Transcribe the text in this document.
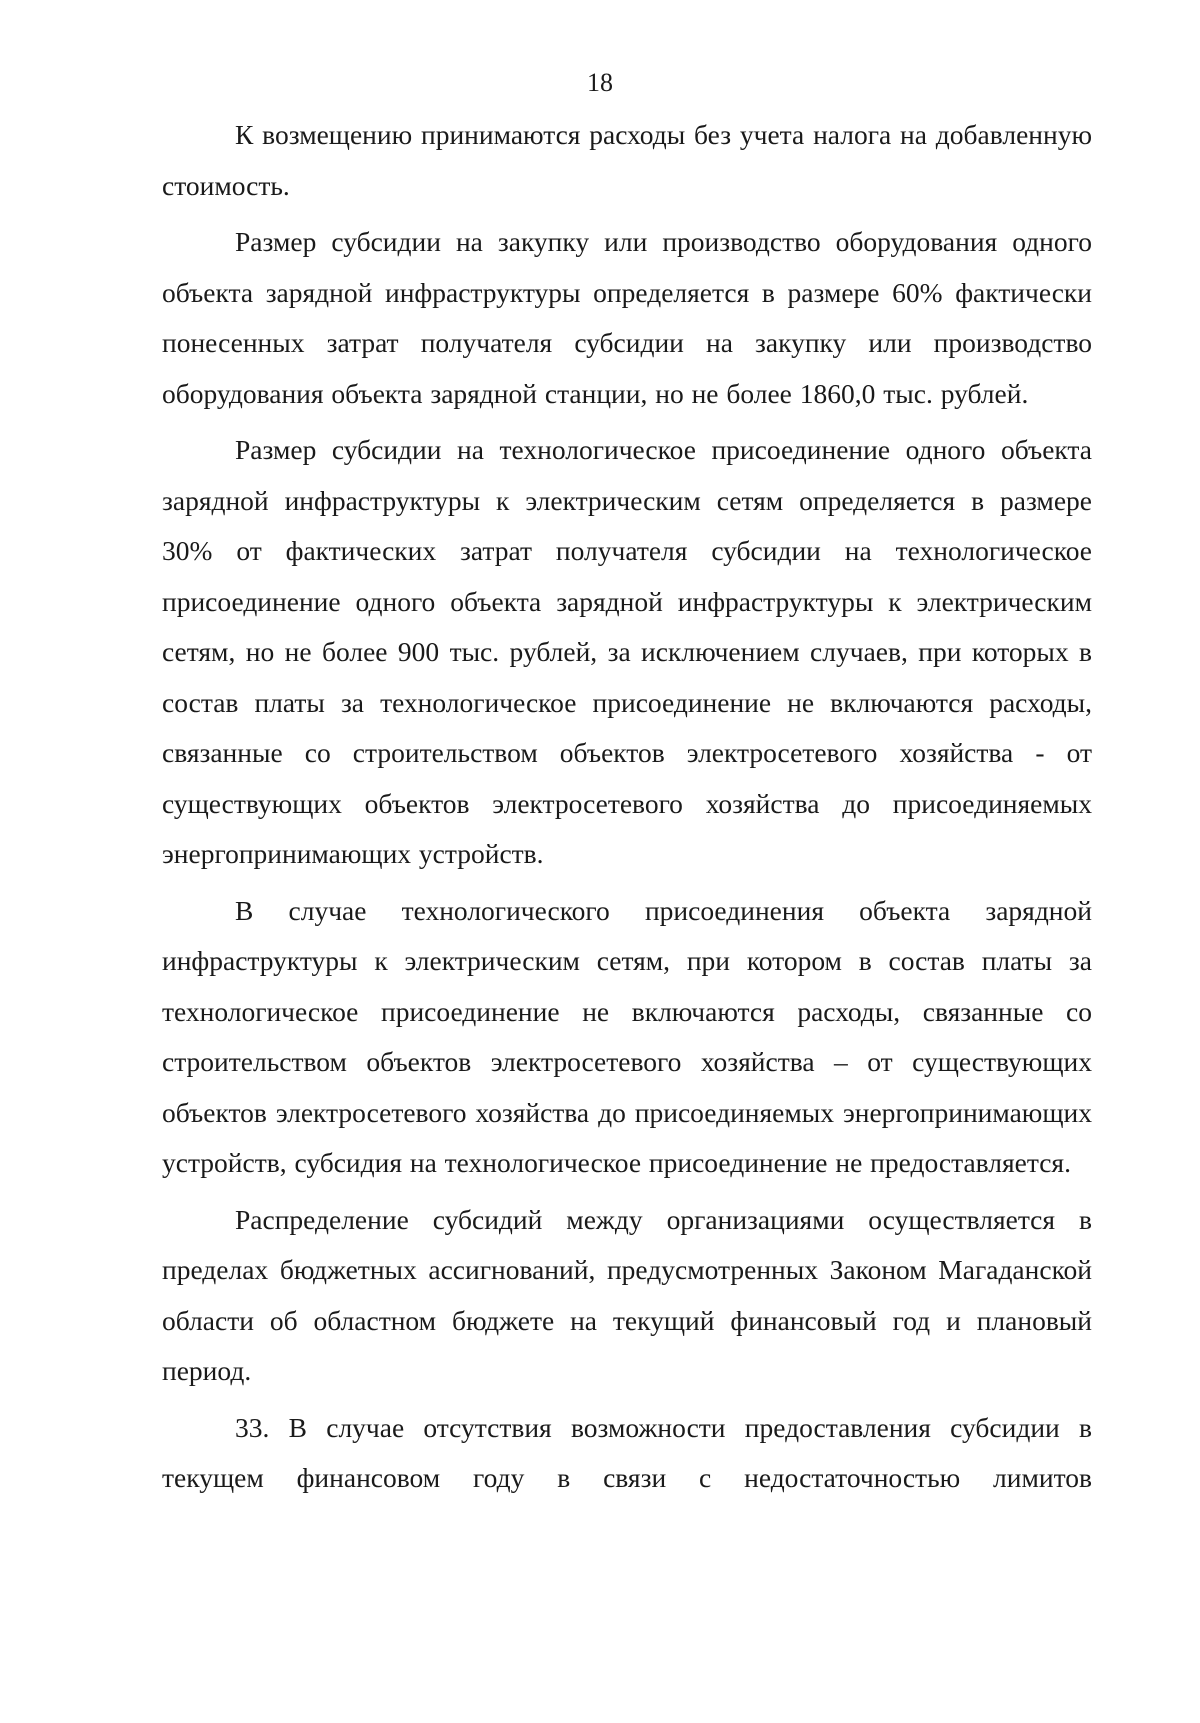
18

К возмещению принимаются расходы без учета налога на добавленную стоимость.

Размер субсидии на закупку или производство оборудования одного объекта зарядной инфраструктуры определяется в размере 60% фактически понесенных затрат получателя субсидии на закупку или производство оборудования объекта зарядной станции, но не более 1860,0 тыс. рублей.

Размер субсидии на технологическое присоединение одного объекта зарядной инфраструктуры к электрическим сетям определяется в размере 30% от фактических затрат получателя субсидии на технологическое присоединение одного объекта зарядной инфраструктуры к электрическим сетям, но не более 900 тыс. рублей, за исключением случаев, при которых в состав платы за технологическое присоединение не включаются расходы, связанные со строительством объектов электросетевого хозяйства - от существующих объектов электросетевого хозяйства до присоединяемых энергопринимающих устройств.

В случае технологического присоединения объекта зарядной инфраструктуры к электрическим сетям, при котором в состав платы за технологическое присоединение не включаются расходы, связанные со строительством объектов электросетевого хозяйства – от существующих объектов электросетевого хозяйства до присоединяемых энергопринимающих устройств, субсидия на технологическое присоединение не предоставляется.

Распределение субсидий между организациями осуществляется в пределах бюджетных ассигнований, предусмотренных Законом Магаданской области об областном бюджете на текущий финансовый год и плановый период.

33. В случае отсутствия возможности предоставления субсидии в текущем финансовом году в связи с недостаточностью лимитов
